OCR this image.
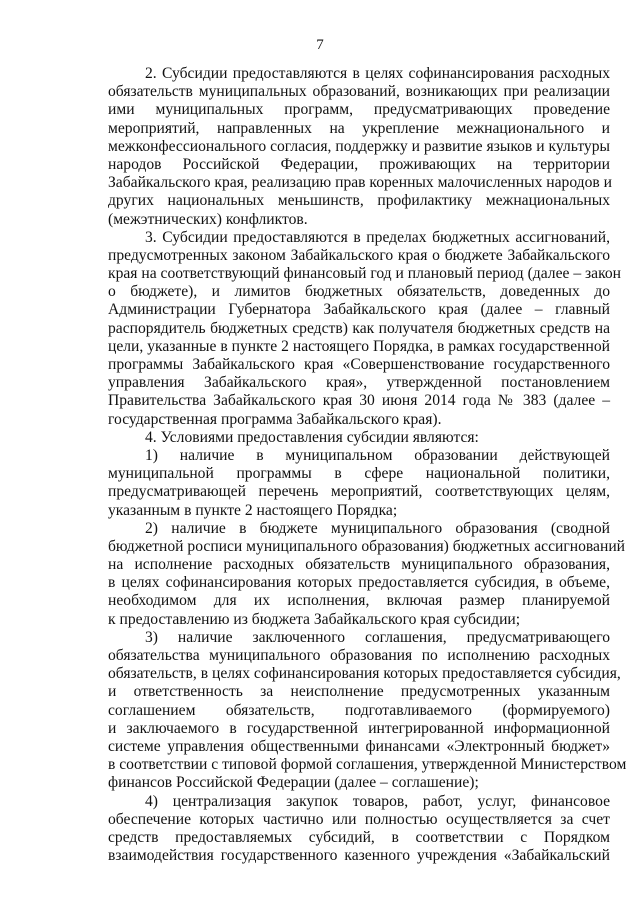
7
2. Субсидии предоставляются в целях софинансирования расходных
обязательств муниципальных образований, возникающих при реализации
ими муниципальных программ, предусматривающих проведение
мероприятий, направленных на укрепление межнационального и
межконфессионального согласия, поддержку и развитие языков и культуры
народов Российской Федерации, проживающих на территории
Забайкальского края, реализацию прав коренных малочисленных народов и
других национальных меньшинств, профилактику межнациональных
(межэтнических) конфликтов.
3. Субсидии предоставляются в пределах бюджетных ассигнований,
предусмотренных законом Забайкальского края о бюджете Забайкальского
края на соответствующий финансовый год и плановый период (далее – закон
о бюджете), и лимитов бюджетных обязательств, доведенных до
Администрации Губернатора Забайкальского края (далее – главный
распорядитель бюджетных средств) как получателя бюджетных средств на
цели, указанные в пункте 2 настоящего Порядка, в рамках государственной
программы Забайкальского края «Совершенствование государственного
управления Забайкальского края», утвержденной постановлением
Правительства Забайкальского края 30 июня 2014 года № 383 (далее –
государственная программа Забайкальского края).
4. Условиями предоставления субсидии являются:
1) наличие в муниципальном образовании действующей
муниципальной программы в сфере национальной политики,
предусматривающей перечень мероприятий, соответствующих целям,
указанным в пункте 2 настоящего Порядка;
2) наличие в бюджете муниципального образования (сводной
бюджетной росписи муниципального образования) бюджетных ассигнований
на исполнение расходных обязательств муниципального образования,
в целях софинансирования которых предоставляется субсидия, в объеме,
необходимом для их исполнения, включая размер планируемой
к предоставлению из бюджета Забайкальского края субсидии;
3) наличие заключенного соглашения, предусматривающего
обязательства муниципального образования по исполнению расходных
обязательств, в целях софинансирования которых предоставляется субсидия,
и ответственность за неисполнение предусмотренных указанным
соглашением обязательств, подготавливаемого (формируемого)
и заключаемого в государственной интегрированной информационной
системе управления общественными финансами «Электронный бюджет»
в соответствии с типовой формой соглашения, утвержденной Министерством
финансов Российской Федерации (далее – соглашение);
4) централизация закупок товаров, работ, услуг, финансовое
обеспечение которых частично или полностью осуществляется за счет
средств предоставляемых субсидий, в соответствии с Порядком
взаимодействия государственного казенного учреждения «Забайкальский
